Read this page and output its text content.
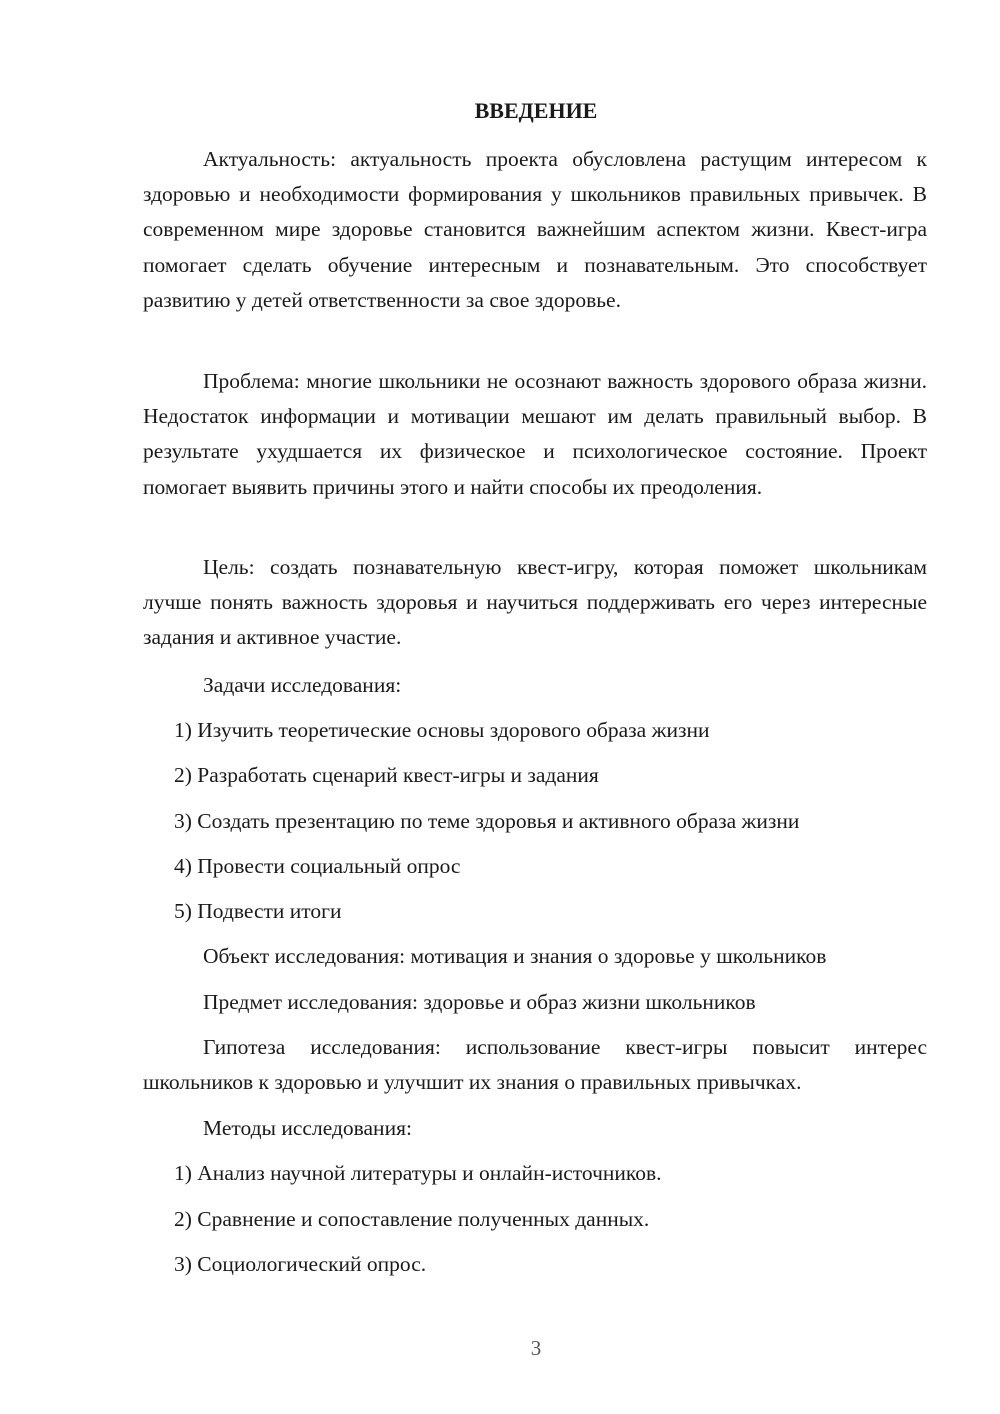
ВВЕДЕНИЕ

Актуальность: актуальность проекта обусловлена растущим интересом к здоровью и необходимости формирования у школьников правильных привычек. В современном мире здоровье становится важнейшим аспектом жизни. Квест-игра помогает сделать обучение интересным и познавательным. Это способствует развитию у детей ответственности за свое здоровье.

Проблема: многие школьники не осознают важность здорового образа жизни. Недостаток информации и мотивации мешают им делать правильный выбор. В результате ухудшается их физическое и психологическое состояние. Проект помогает выявить причины этого и найти способы их преодоления.

Цель: создать познавательную квест-игру, которая поможет школьникам лучше понять важность здоровья и научиться поддерживать его через интересные задания и активное участие.

Задачи исследования:

1) Изучить теоретические основы здорового образа жизни

2) Разработать сценарий квест-игры и задания

3) Создать презентацию по теме здоровья и активного образа жизни

4) Провести социальный опрос

5) Подвести итоги

Объект исследования: мотивация и знания о здоровье у школьников

Предмет исследования: здоровье и образ жизни школьников

Гипотеза исследования: использование квест-игры повысит интерес школьников к здоровью и улучшит их знания о правильных привычках.

Методы исследования:

1) Анализ научной литературы и онлайн-источников.

2) Сравнение и сопоставление полученных данных.

3) Социологический опрос.

3
